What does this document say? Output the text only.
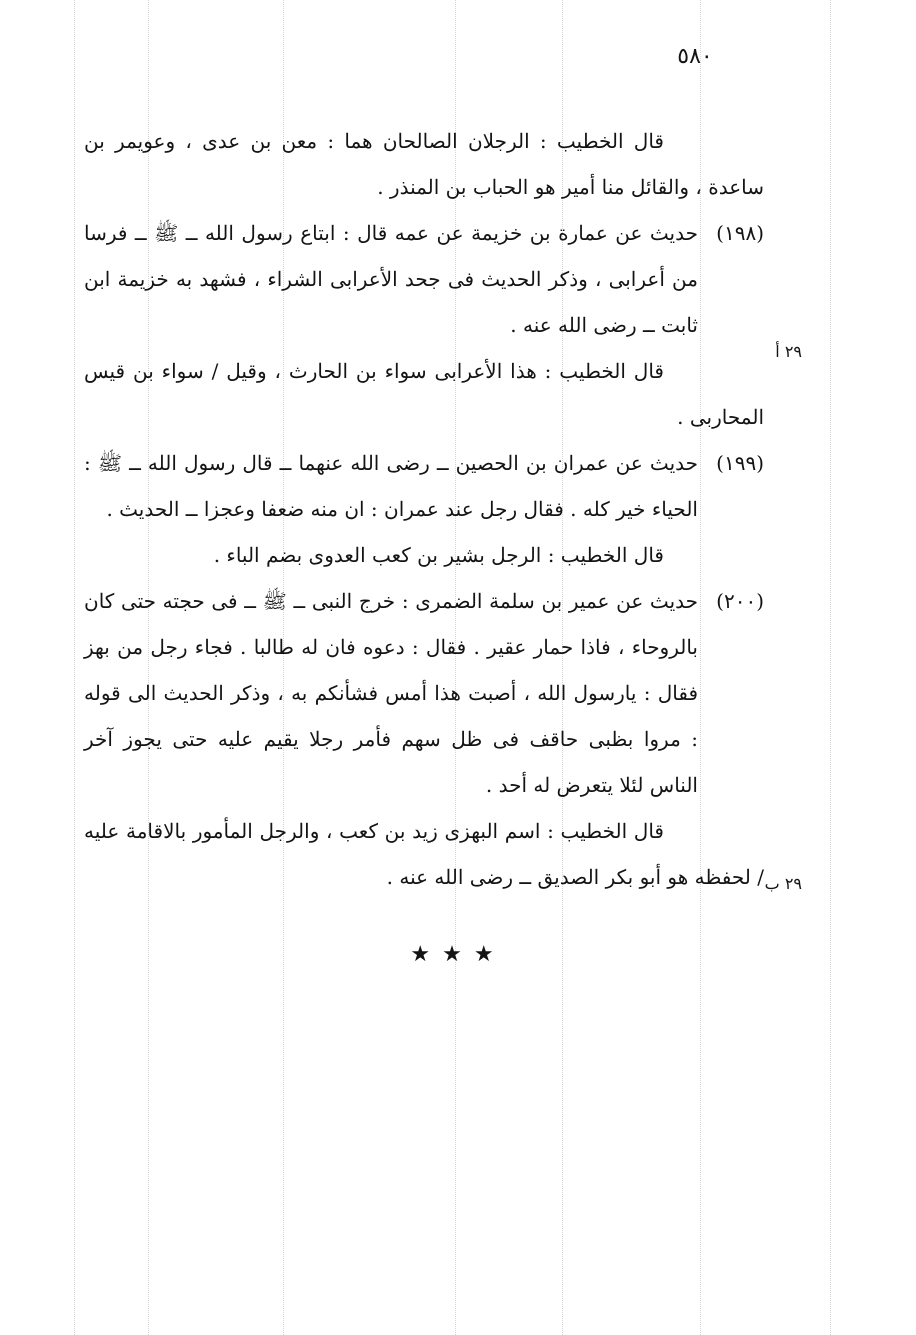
٥٨٠
٢٩ أ
٢٩ ب

قال الخطيب : الرجلان الصالحان هما : معن بن عدى ، وعويمر بن ساعدة ، والقائل منا أمير هو الحباب بن المنذر .

(١٩٨)حديث عن عمارة بن خزيمة عن عمه قال : ابتاع رسول الله ــ ﷺ ــ فرسا من أعرابى ، وذكر الحديث فى جحد الأعرابى الشراء ، فشهد به خزيمة ابن ثابت ــ رضى الله عنه .

قال الخطيب : هذا الأعرابى سواء بن الحارث ، وقيل / سواء بن قيس المحاربى .

(١٩٩)حديث عن عمران بن الحصين ــ رضى الله عنهما ــ قال رسول الله ــ ﷺ : الحياء خير كله . فقال رجل عند عمران : ان منه ضعفا وعجزا ــ الحديث .

قال الخطيب : الرجل بشير بن كعب العدوى بضم الباء .

(٢٠٠)حديث عن عمير بن سلمة الضمرى : خرج النبى ــ ﷺ ــ فى حجته حتى كان بالروحاء ، فاذا حمار عقير . فقال : دعوه فان له طالبا . فجاء رجل من بهز فقال : يارسول الله ، أصبت هذا أمس فشأنكم به ، وذكر الحديث الى قوله : مروا بظبى حاقف فى ظل سهم فأمر رجلا يقيم عليه حتى يجوز آخر الناس لئلا يتعرض له أحد .

قال الخطيب : اسم البهزى زيد بن كعب ، والرجل المأمور بالاقامة عليه / لحفظه هو أبو بكر الصديق ــ رضى الله عنه .

★★★
